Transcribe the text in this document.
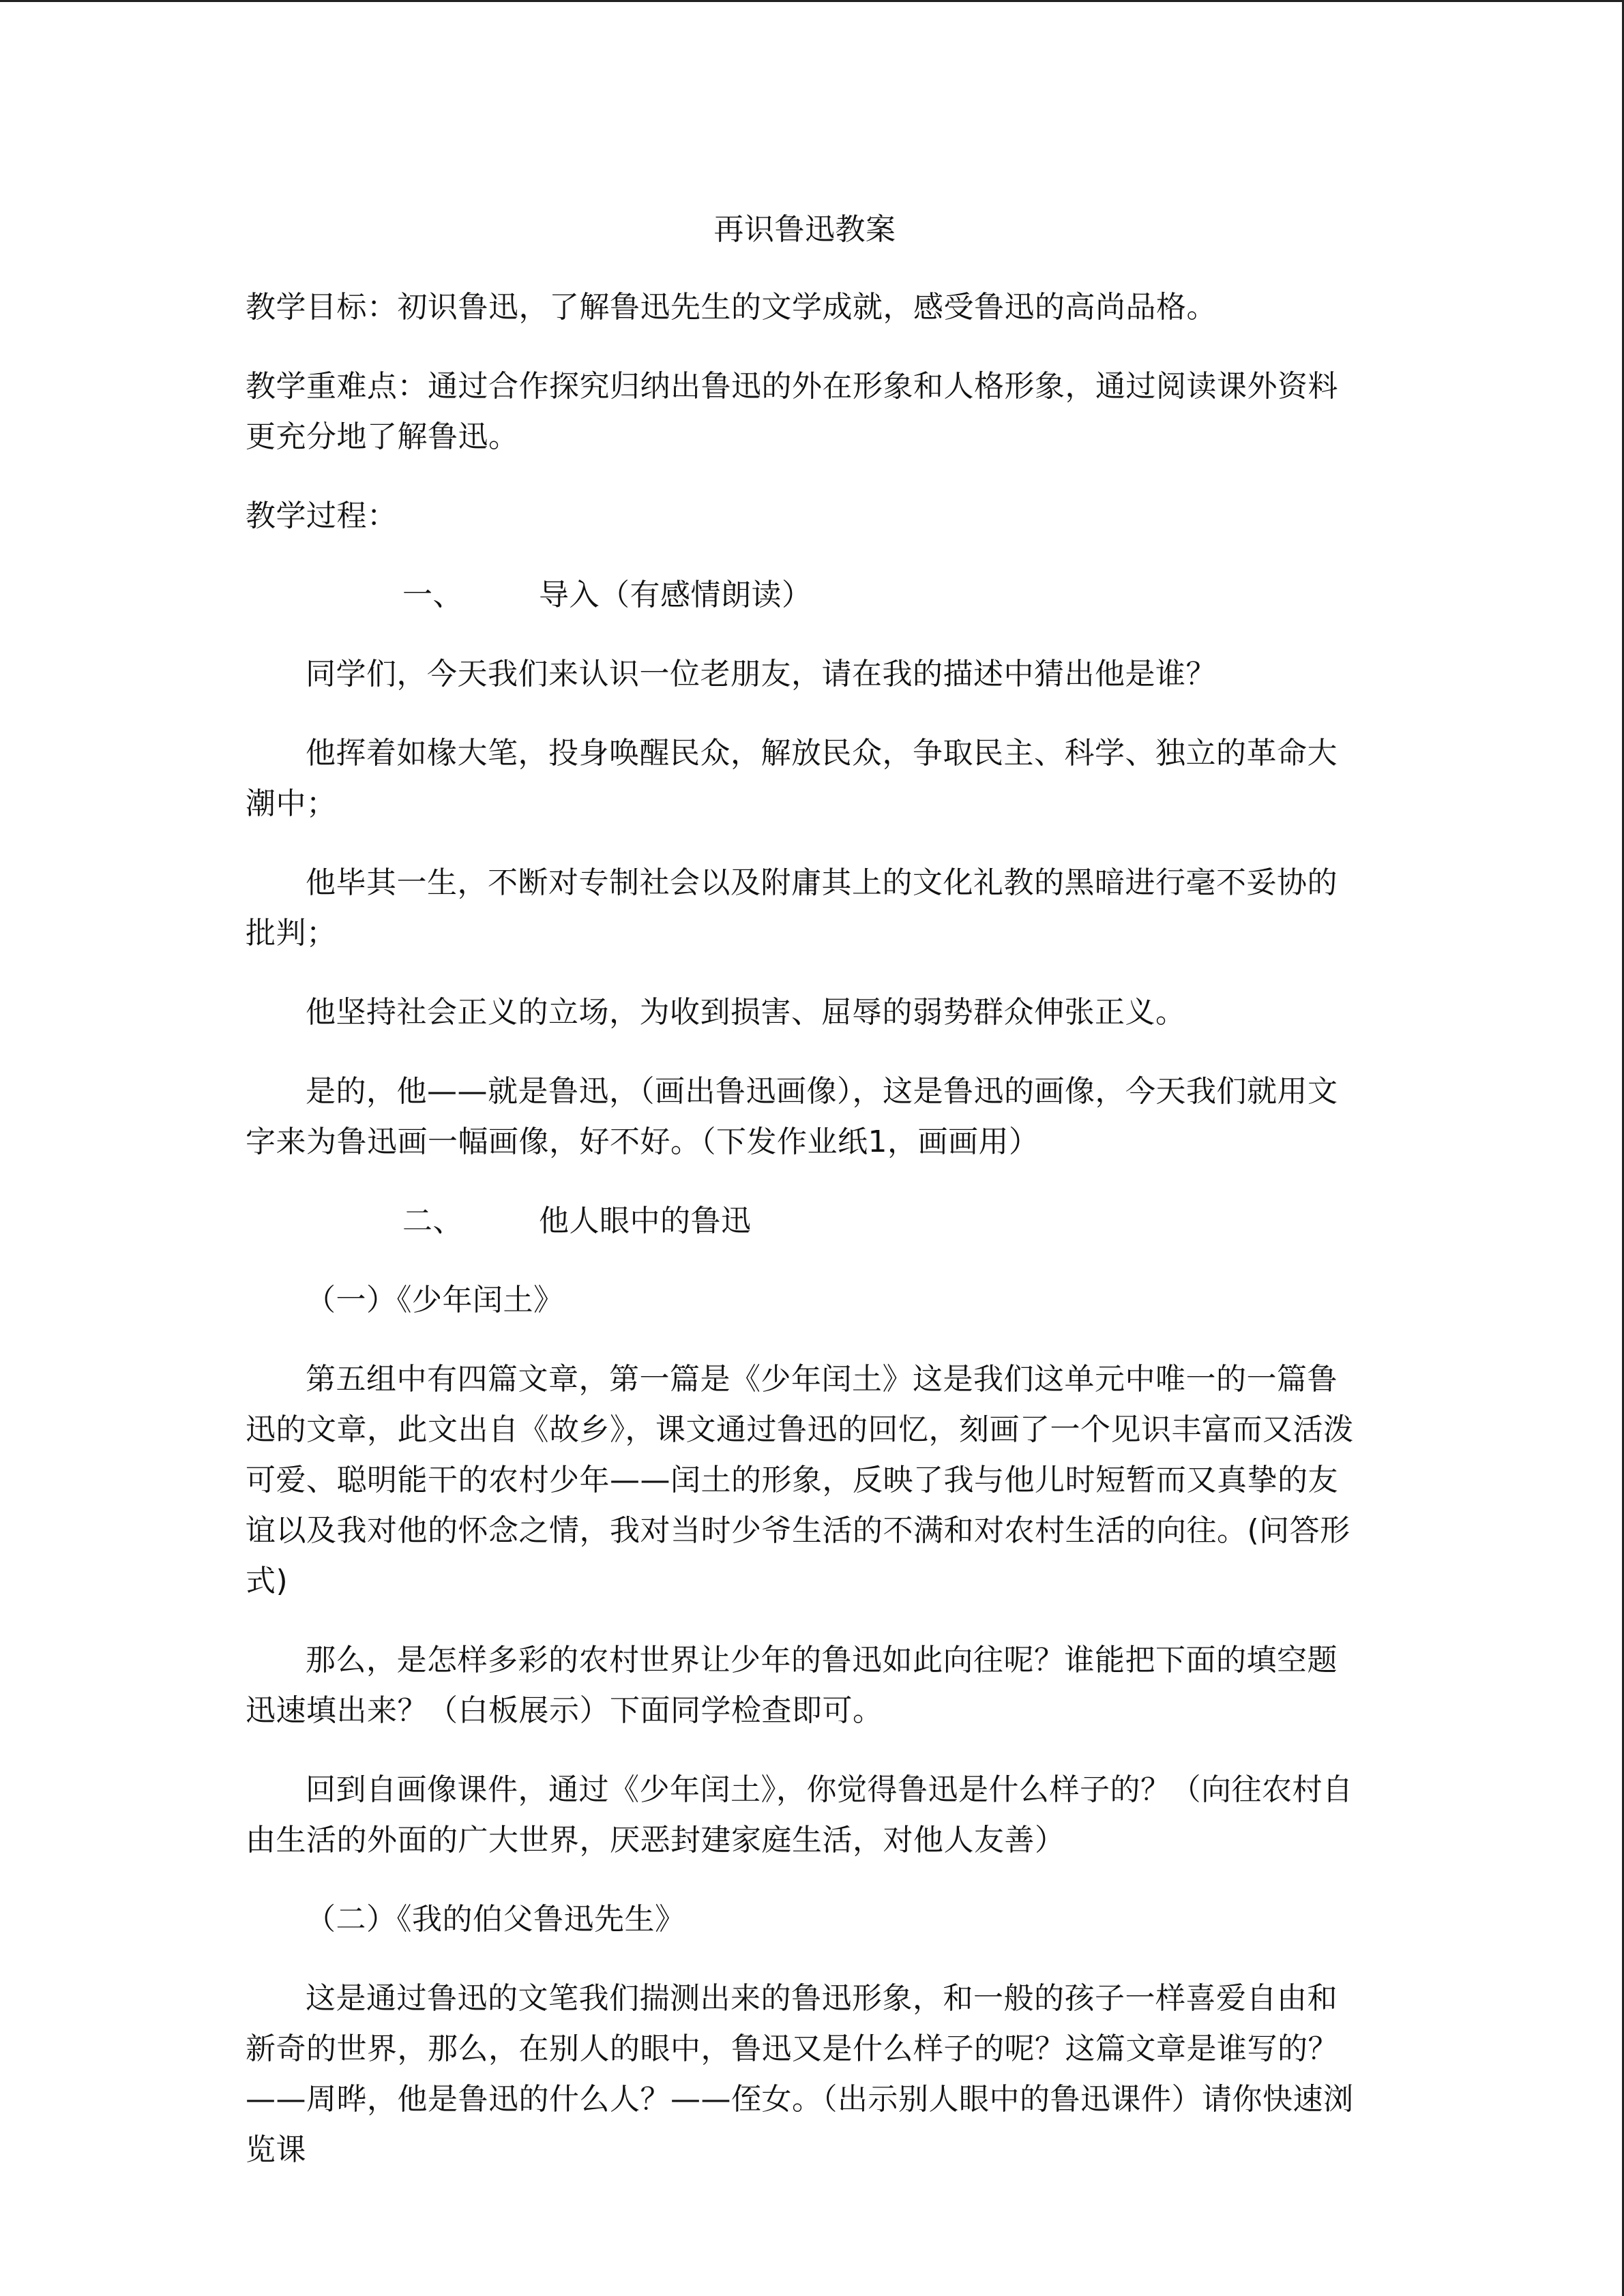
再识鲁迅教案

教学目标：初识鲁迅，了解鲁迅先生的文学成就，感受鲁迅的高尚品格。

教学重难点：通过合作探究归纳出鲁迅的外在形象和人格形象，通过阅读课外资料更充分地了解鲁迅。

教学过程：

一、	导入（有感情朗读）

同学们，今天我们来认识一位老朋友，请在我的描述中猜出他是谁？

他挥着如椽大笔，投身唤醒民众，解放民众，争取民主、科学、独立的革命大潮中；

他毕其一生，不断对专制社会以及附庸其上的文化礼教的黑暗进行毫不妥协的批判；

他坚持社会正义的立场，为收到损害、屈辱的弱势群众伸张正义。

是的，他——就是鲁迅，（画出鲁迅画像），这是鲁迅的画像，今天我们就用文字来为鲁迅画一幅画像，好不好。（下发作业纸1，画画用）

二、	他人眼中的鲁迅
（一）《少年闰土》

第五组中有四篇文章，第一篇是《少年闰土》这是我们这单元中唯一的一篇鲁迅的文章，此文出自《故乡》，课文通过鲁迅的回忆，刻画了一个见识丰富而又活泼可爱、聪明能干的农村少年——闰土的形象，反映了我与他儿时短暂而又真挚的友谊以及我对他的怀念之情，我对当时少爷生活的不满和对农村生活的向往。(问答形式)

那么，是怎样多彩的农村世界让少年的鲁迅如此向往呢？谁能把下面的填空题迅速填出来？（白板展示）下面同学检查即可。

回到自画像课件，通过《少年闰土》，你觉得鲁迅是什么样子的？（向往农村自由生活的外面的广大世界，厌恶封建家庭生活，对他人友善）

（二）《我的伯父鲁迅先生》

这是通过鲁迅的文笔我们揣测出来的鲁迅形象，和一般的孩子一样喜爱自由和新奇的世界，那么，在别人的眼中，鲁迅又是什么样子的呢？这篇文章是谁写的？——周晔，他是鲁迅的什么人？——侄女。（出示别人眼中的鲁迅课件）请你快速浏览课
